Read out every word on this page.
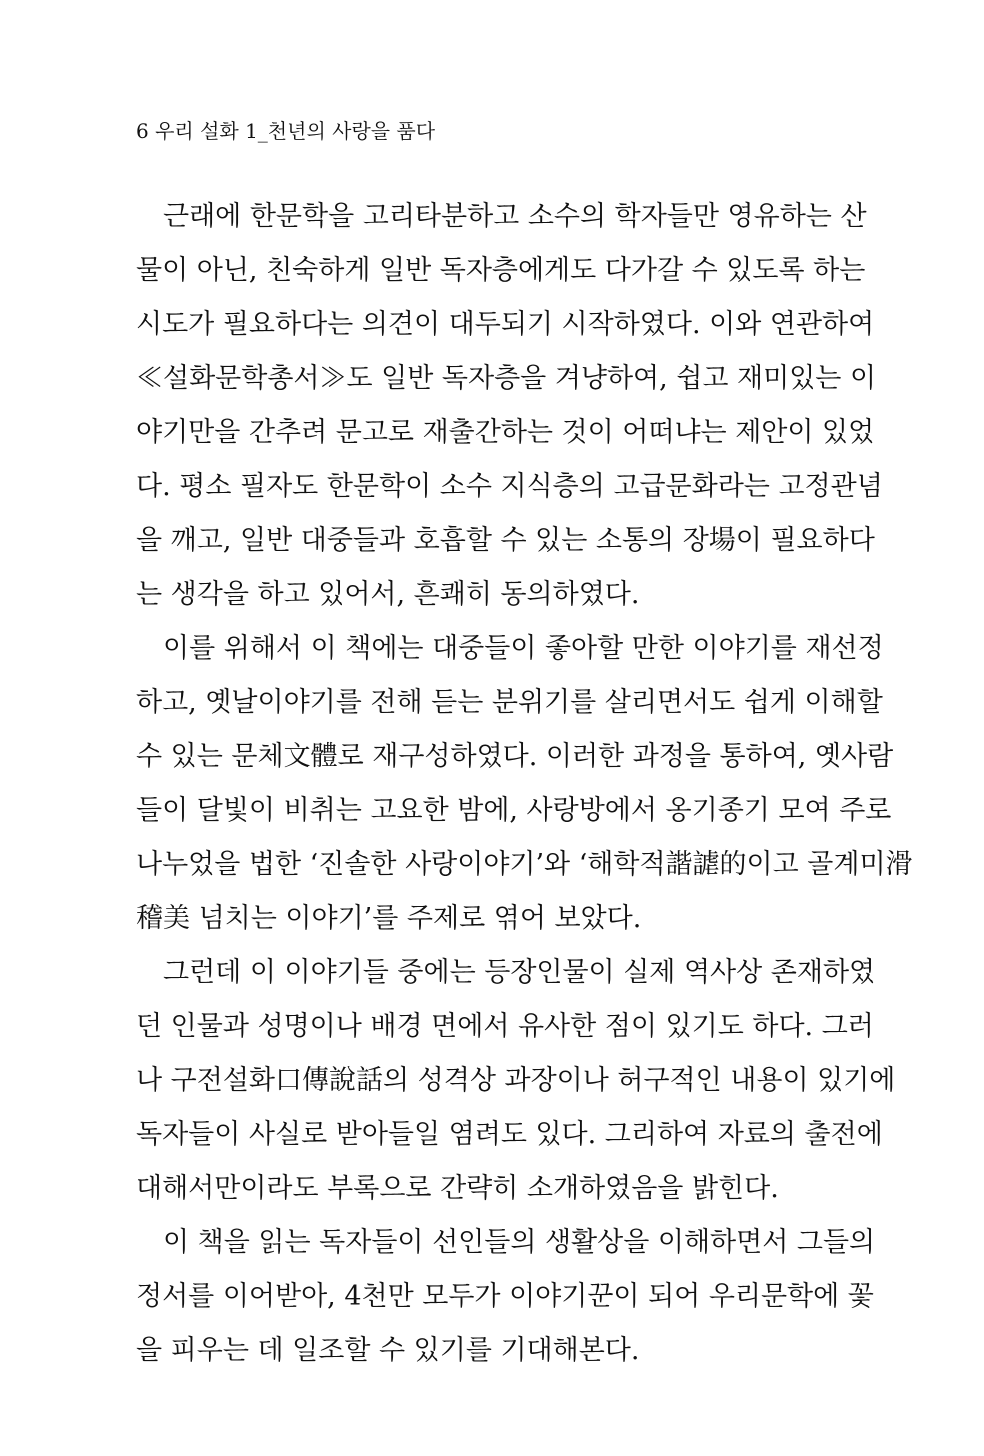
6 우리 설화 1_천년의 사랑을 품다
근래에 한문학을 고리타분하고 소수의 학자들만 영유하는 산
물이 아닌, 친숙하게 일반 독자층에게도 다가갈 수 있도록 하는
시도가 필요하다는 의견이 대두되기 시작하였다. 이와 연관하여
≪설화문학총서≫도 일반 독자층을 겨냥하여, 쉽고 재미있는 이
야기만을 간추려 문고로 재출간하는 것이 어떠냐는 제안이 있었
다. 평소 필자도 한문학이 소수 지식층의 고급문화라는 고정관념
을 깨고, 일반 대중들과 호흡할 수 있는 소통의 장場이 필요하다
는 생각을 하고 있어서, 흔쾌히 동의하였다.
이를 위해서 이 책에는 대중들이 좋아할 만한 이야기를 재선정
하고, 옛날이야기를 전해 듣는 분위기를 살리면서도 쉽게 이해할
수 있는 문체文體로 재구성하였다. 이러한 과정을 통하여, 옛사람
들이 달빛이 비취는 고요한 밤에, 사랑방에서 옹기종기 모여 주로
나누었을 법한 ‘진솔한 사랑이야기’와 ‘해학적諧謔的이고 골계미滑
稽美 넘치는 이야기’를 주제로 엮어 보았다.
그런데 이 이야기들 중에는 등장인물이 실제 역사상 존재하였
던 인물과 성명이나 배경 면에서 유사한 점이 있기도 하다. 그러
나 구전설화口傳說話의 성격상 과장이나 허구적인 내용이 있기에
독자들이 사실로 받아들일 염려도 있다. 그리하여 자료의 출전에
대해서만이라도 부록으로 간략히 소개하였음을 밝힌다.
이 책을 읽는 독자들이 선인들의 생활상을 이해하면서 그들의
정서를 이어받아, 4천만 모두가 이야기꾼이 되어 우리문학에 꽃
을 피우는 데 일조할 수 있기를 기대해본다.
